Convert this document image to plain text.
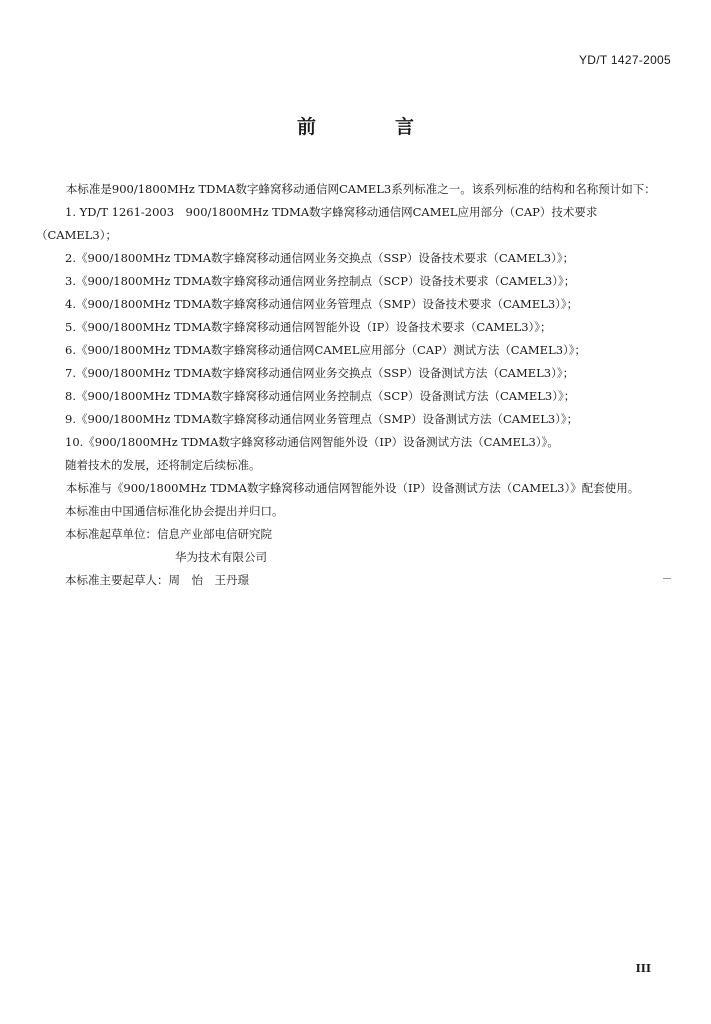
YD/T 1427-2005
前　言

本标准是900/1800MHz TDMA数字蜂窝移动通信网CAMEL3系列标准之一。该系列标准的结构和名称预计如下：

1. YD/T 1261-2003　900/1800MHz TDMA数字蜂窝移动通信网CAMEL应用部分（CAP）技术要求（CAMEL3）；

2.《900/1800MHz TDMA数字蜂窝移动通信网业务交换点（SSP）设备技术要求（CAMEL3）》；

3.《900/1800MHz TDMA数字蜂窝移动通信网业务控制点（SCP）设备技术要求（CAMEL3）》；

4.《900/1800MHz TDMA数字蜂窝移动通信网业务管理点（SMP）设备技术要求（CAMEL3）》；

5.《900/1800MHz TDMA数字蜂窝移动通信网智能外设（IP）设备技术要求（CAMEL3）》；

6.《900/1800MHz TDMA数字蜂窝移动通信网CAMEL应用部分（CAP）测试方法（CAMEL3）》；

7.《900/1800MHz TDMA数字蜂窝移动通信网业务交换点（SSP）设备测试方法（CAMEL3）》；

8.《900/1800MHz TDMA数字蜂窝移动通信网业务控制点（SCP）设备测试方法（CAMEL3）》；

9.《900/1800MHz TDMA数字蜂窝移动通信网业务管理点（SMP）设备测试方法（CAMEL3）》；

10.《900/1800MHz TDMA数字蜂窝移动通信网智能外设（IP）设备测试方法（CAMEL3）》。

随着技术的发展，还将制定后续标准。

本标准与《900/1800MHz TDMA数字蜂窝移动通信网智能外设（IP）设备测试方法（CAMEL3）》配套使用。

本标准由中国通信标准化协会提出并归口。

本标准起草单位：信息产业部电信研究院

华为技术有限公司

本标准主要起草人：周　怡　王丹璟

III
